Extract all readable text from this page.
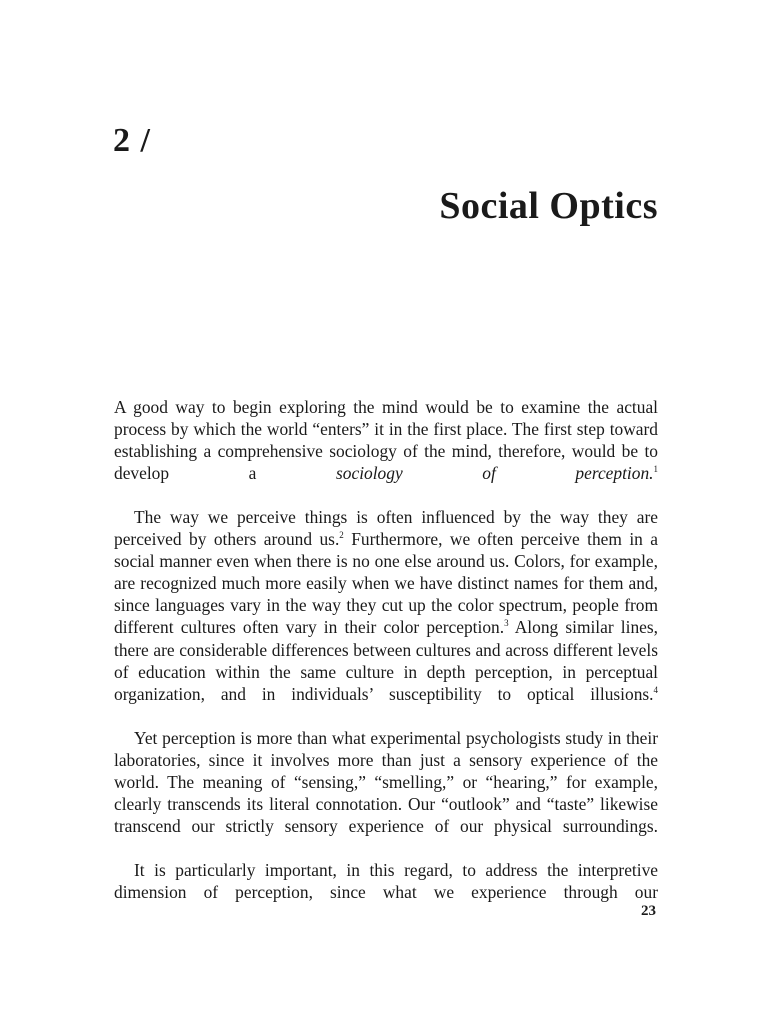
2 /
Social Optics

A good way to begin exploring the mind would be to examine the actual process by which the world “enters” it in the first place. The first step toward establishing a comprehensive sociology of the mind, therefore, would be to develop a sociology of perception.$^1$

The way we perceive things is often influenced by the way they are perceived by others around us.$^2$ Furthermore, we often perceive them in a social manner even when there is no one else around us. Colors, for example, are recognized much more easily when we have distinct names for them and, since languages vary in the way they cut up the color spectrum, people from different cultures often vary in their color perception.$^3$ Along similar lines, there are considerable differences between cultures and across different levels of education within the same culture in depth perception, in perceptual organization, and in individuals’ susceptibility to optical illusions.$^4$

Yet perception is more than what experimental psychologists study in their laboratories, since it involves more than just a sensory experience of the world. The meaning of “sensing,” “smelling,” or “hearing,” for example, clearly transcends its literal connotation. Our “outlook” and “taste” likewise transcend our strictly sensory experience of our physical surroundings.

It is particularly important, in this regard, to address the interpretive dimension of perception, since what we experience through our

23
